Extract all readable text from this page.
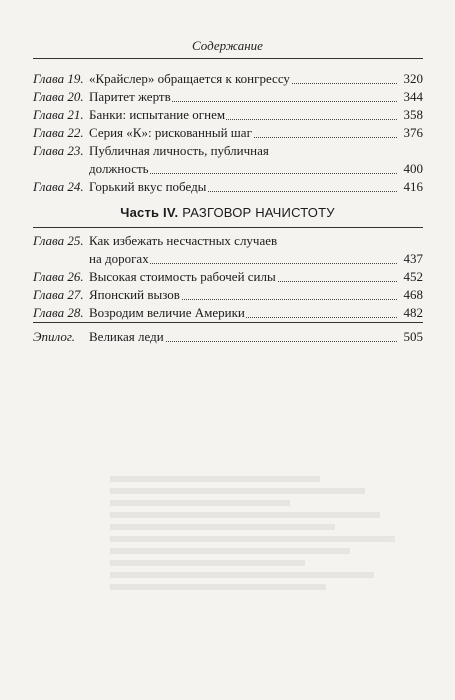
Содержание
Глава 19. «Крайслер» обращается к конгрессу	320
Глава 20. Паритет жертв	344
Глава 21. Банки: испытание огнем	358
Глава 22. Серия «К»: рискованный шаг	376
Глава 23. Публичная личность, публичная
должность	400
Глава 24. Горький вкус победы	416
Часть IV. РАЗГОВОР НАЧИСТОТУ
Глава 25. Как избежать несчастных случаев
на дорогах	437
Глава 26. Высокая стоимость рабочей силы	452
Глава 27. Японский вызов	468
Глава 28. Возродим величие Америки	482
Эпилог. Великая леди	505
